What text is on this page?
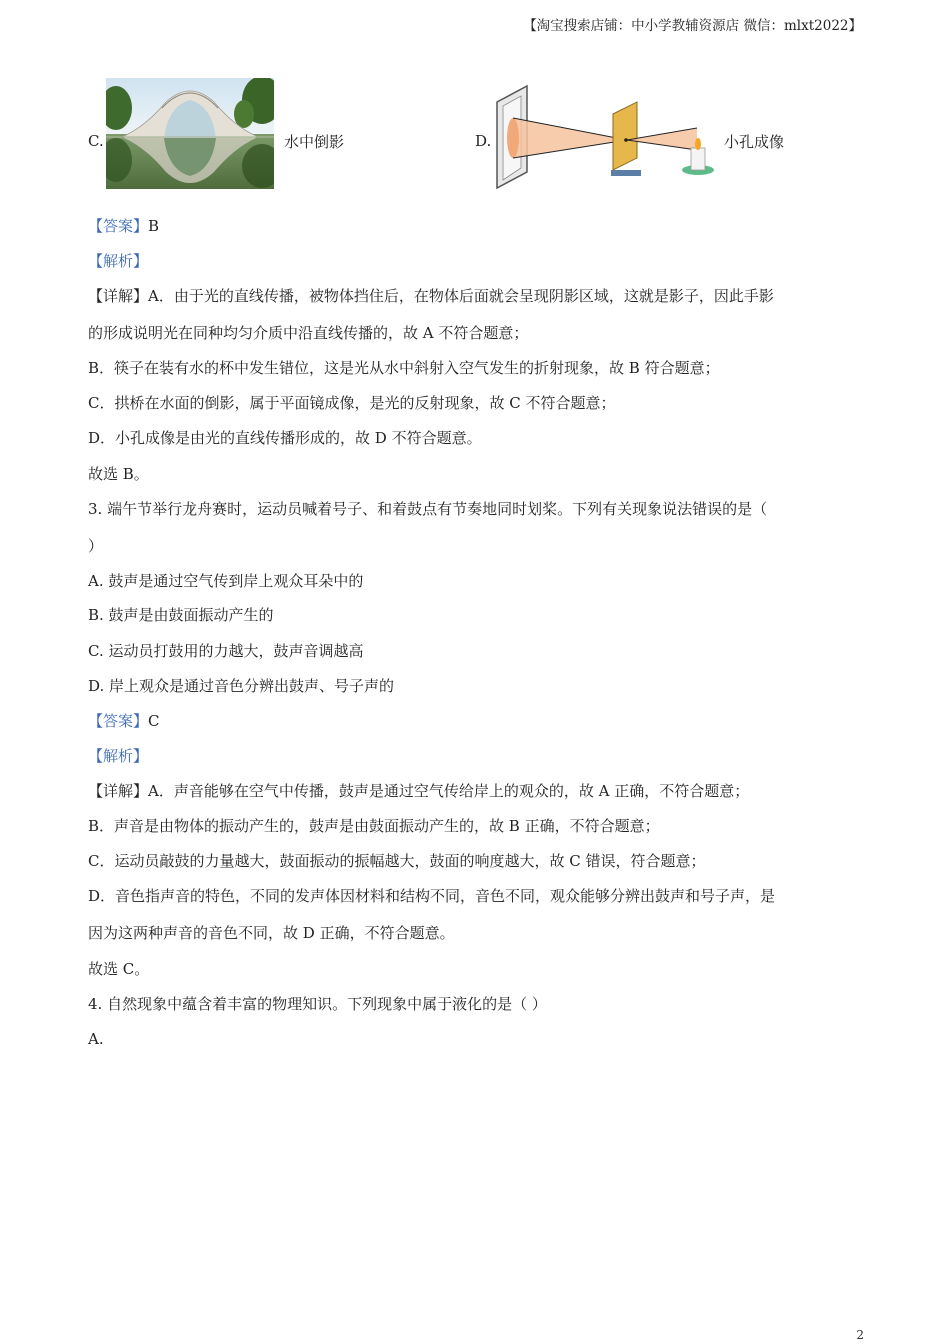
【淘宝搜索店铺：中小学教辅资源店 微信：mlxt2022】
C.	水中倒影	D.	小孔成像
【答案】B
【解析】
【详解】A．由于光的直线传播，被物体挡住后，在物体后面就会呈现阴影区域，这就是影子，因此手影
的形成说明光在同种均匀介质中沿直线传播的，故 A 不符合题意；
B．筷子在装有水的杯中发生错位，这是光从水中斜射入空气发生的折射现象，故 B 符合题意；
C．拱桥在水面的倒影，属于平面镜成像，是光的反射现象，故 C 不符合题意；
D．小孔成像是由光的直线传播形成的，故 D 不符合题意。
故选 B。
3. 端午节举行龙舟赛时，运动员喊着号子、和着鼓点有节奏地同时划桨。下列有关现象说法错误的是（
）
A. 鼓声是通过空气传到岸上观众耳朵中的
B. 鼓声是由鼓面振动产生的
C. 运动员打鼓用的力越大，鼓声音调越高
D. 岸上观众是通过音色分辨出鼓声、号子声的
【答案】C
【解析】
【详解】A．声音能够在空气中传播，鼓声是通过空气传给岸上的观众的，故 A 正确，不符合题意；
B．声音是由物体的振动产生的，鼓声是由鼓面振动产生的，故 B 正确，不符合题意；
C．运动员敲鼓的力量越大，鼓面振动的振幅越大，鼓面的响度越大，故 C 错误，符合题意；
D．音色指声音的特色，不同的发声体因材料和结构不同，音色不同，观众能够分辨出鼓声和号子声，是
因为这两种声音的音色不同，故 D 正确，不符合题意。
故选 C。
4. 自然现象中蕴含着丰富的物理知识。下列现象中属于液化的是（ ）
A.
2
